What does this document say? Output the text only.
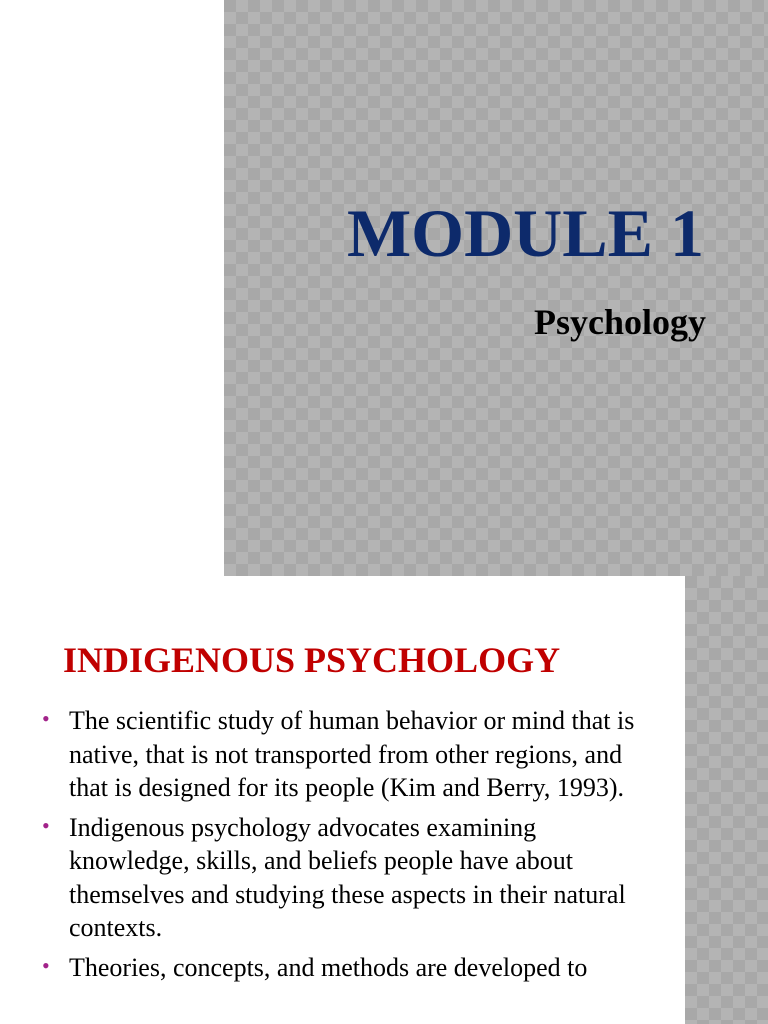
MODULE 1
Psychology
INDIGENOUS PSYCHOLOGY
• The scientific study of human behavior or mind that is native, that is not transported from other regions, and that is designed for its people (Kim and Berry, 1993).
• Indigenous psychology advocates examining knowledge, skills, and beliefs people have about themselves and studying these aspects in their natural contexts.
• Theories, concepts, and methods are developed to
